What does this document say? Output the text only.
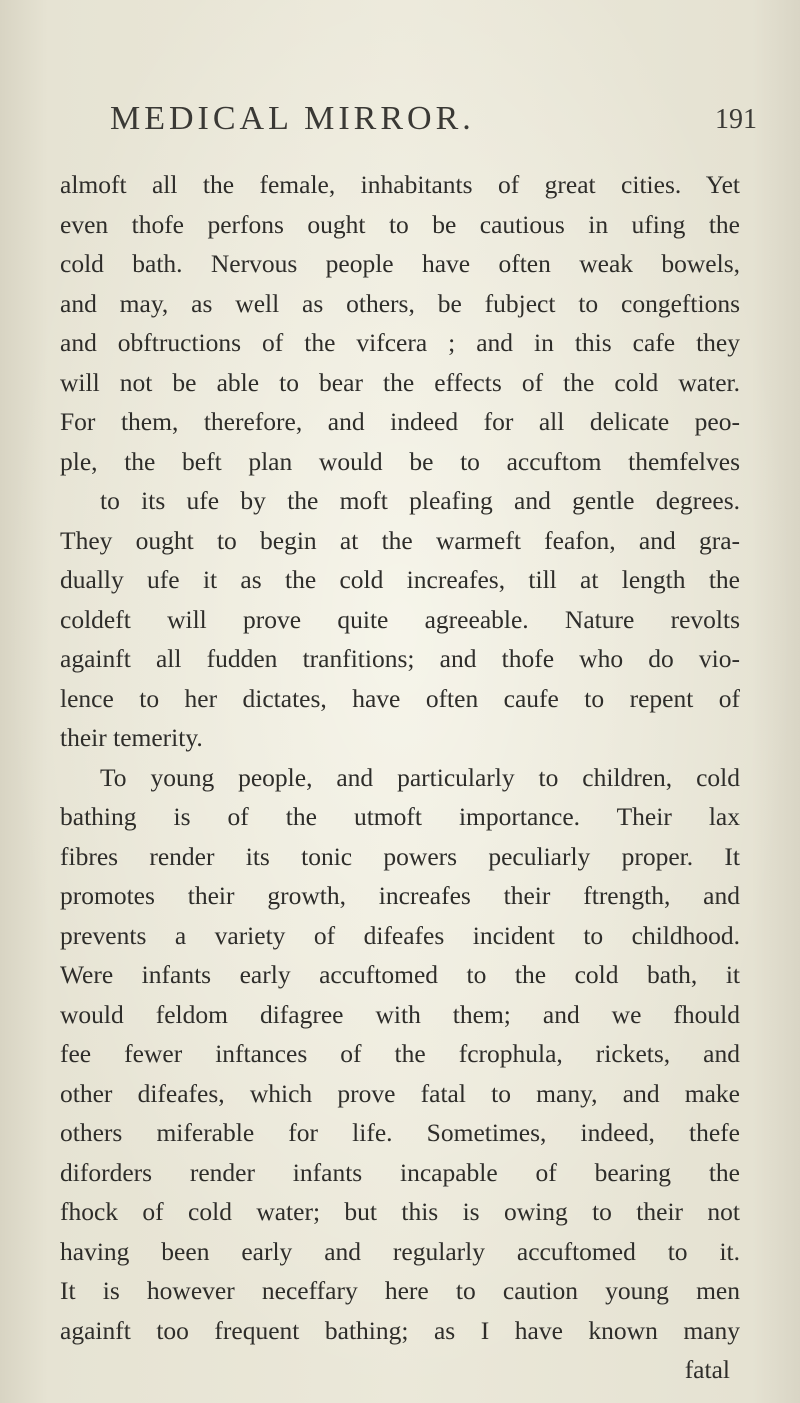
MEDICAL MIRROR.	191
almoft all the female, inhabitants of great cities. Yet
even thofe perfons ought to be cautious in ufing the
cold bath. Nervous people have often weak bowels,
and may, as well as others, be fubject to congeftions
and obftructions of the vifcera ; and in this cafe they
will not be able to bear the effects of the cold water.
For them, therefore, and indeed for all delicate peo-
ple, the beft plan would be to accuftom themfelves
to its ufe by the moft pleafing and gentle degrees.
They ought to begin at the warmeft feafon, and gra-
dually ufe it as the cold increafes, till at length the
coldeft will prove quite agreeable. Nature revolts
againft all fudden tranfitions; and thofe who do vio-
lence to her dictates, have often caufe to repent of
their temerity.
To young people, and particularly to children, cold
bathing is of the utmoft importance. Their lax
fibres render its tonic powers peculiarly proper. It
promotes their growth, increafes their ftrength, and
prevents a variety of difeafes incident to childhood.
Were infants early accuftomed to the cold bath, it
would feldom difagree with them; and we fhould
fee fewer inftances of the fcrophula, rickets, and
other difeafes, which prove fatal to many, and make
others miferable for life. Sometimes, indeed, thefe
diforders render infants incapable of bearing the
fhock of cold water; but this is owing to their not
having been early and regularly accuftomed to it.
It is however neceffary here to caution young men
againft too frequent bathing; as I have known many
fatal
